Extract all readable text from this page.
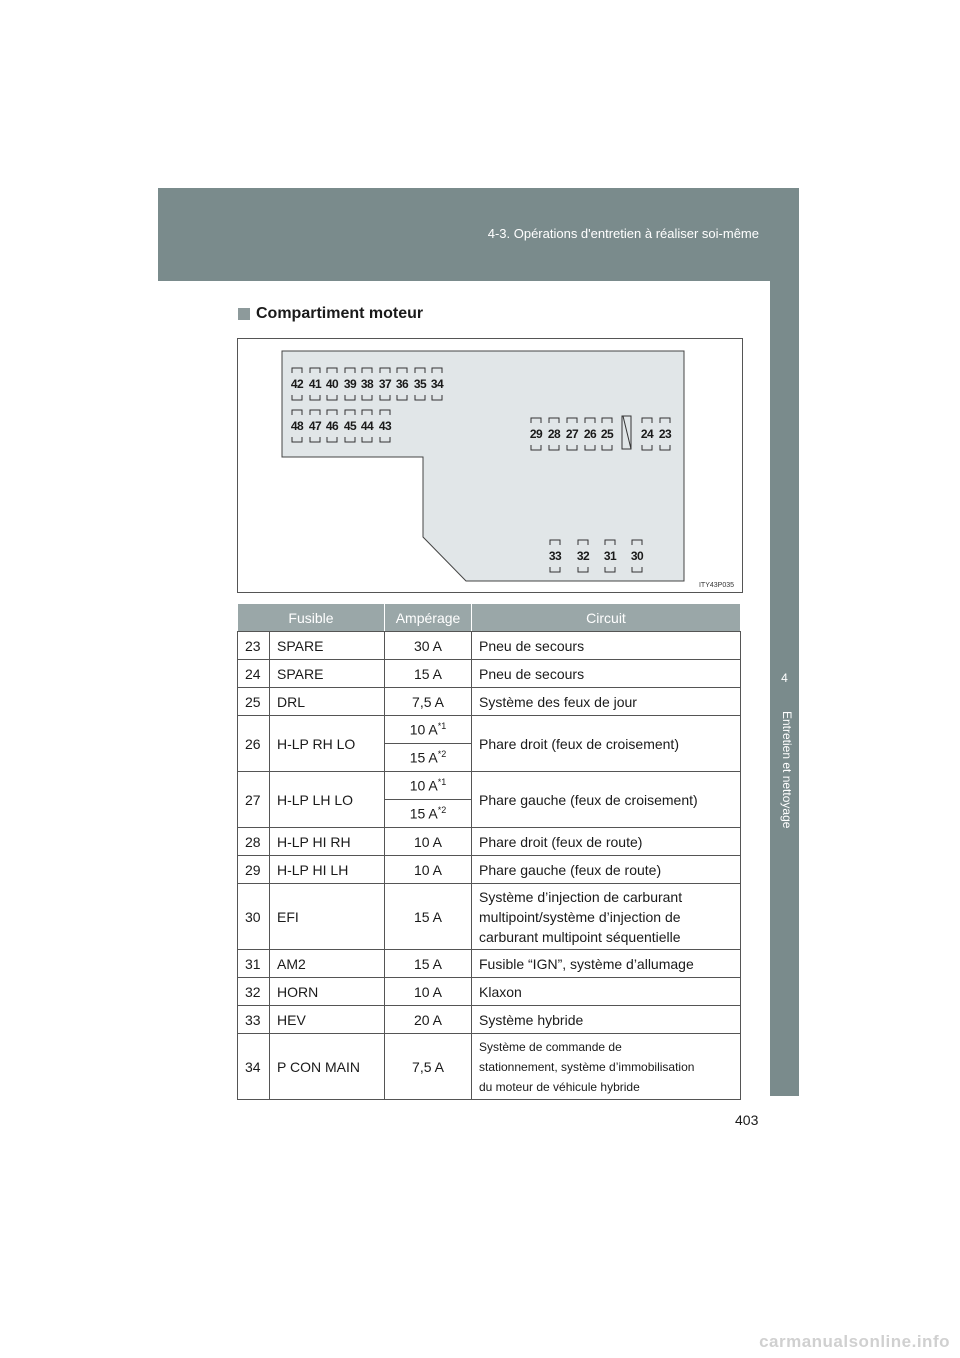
4-3. Opérations d'entretien à réaliser soi-même
4
Entretien et nettoyage
Compartiment moteur
42 41 40 39 38 37 36 35 34
48 47 46 45 44 43
29 28 27 26 25	24 23
33	32	31	30
ITY43P035
Fusible		Ampérage	Circuit
23	SPARE	30 A	Pneu de secours
24	SPARE	15 A	Pneu de secours
25	DRL	7,5 A	Système des feux de jour
26	H-LP RH LO	10 $A^{*1}$	Phare droit (feux de croisement)
		15 $A^{*2}$
27	H-LP LH LO	10 $A^{*1}$	Phare gauche (feux de croisement)
		15 $A^{*2}$
28	H-LP HI RH	10 A	Phare droit (feux de route)
29	H-LP HI LH	10 A	Phare gauche (feux de route)
30	EFI	15 A	Système d’injection de carburant
multipoint/système d’injection de
carburant multipoint séquentielle

31	AM2	15 A	Fusible “IGN”, système d’allumage
32	HORN	10 A	Klaxon
33	HEV	20 A	Système hybride
34	P CON MAIN	7,5 A	Système de commande de
stationnement, système d’immobilisation
du moteur de véhicule hybride
403
carmanualsonline.info
